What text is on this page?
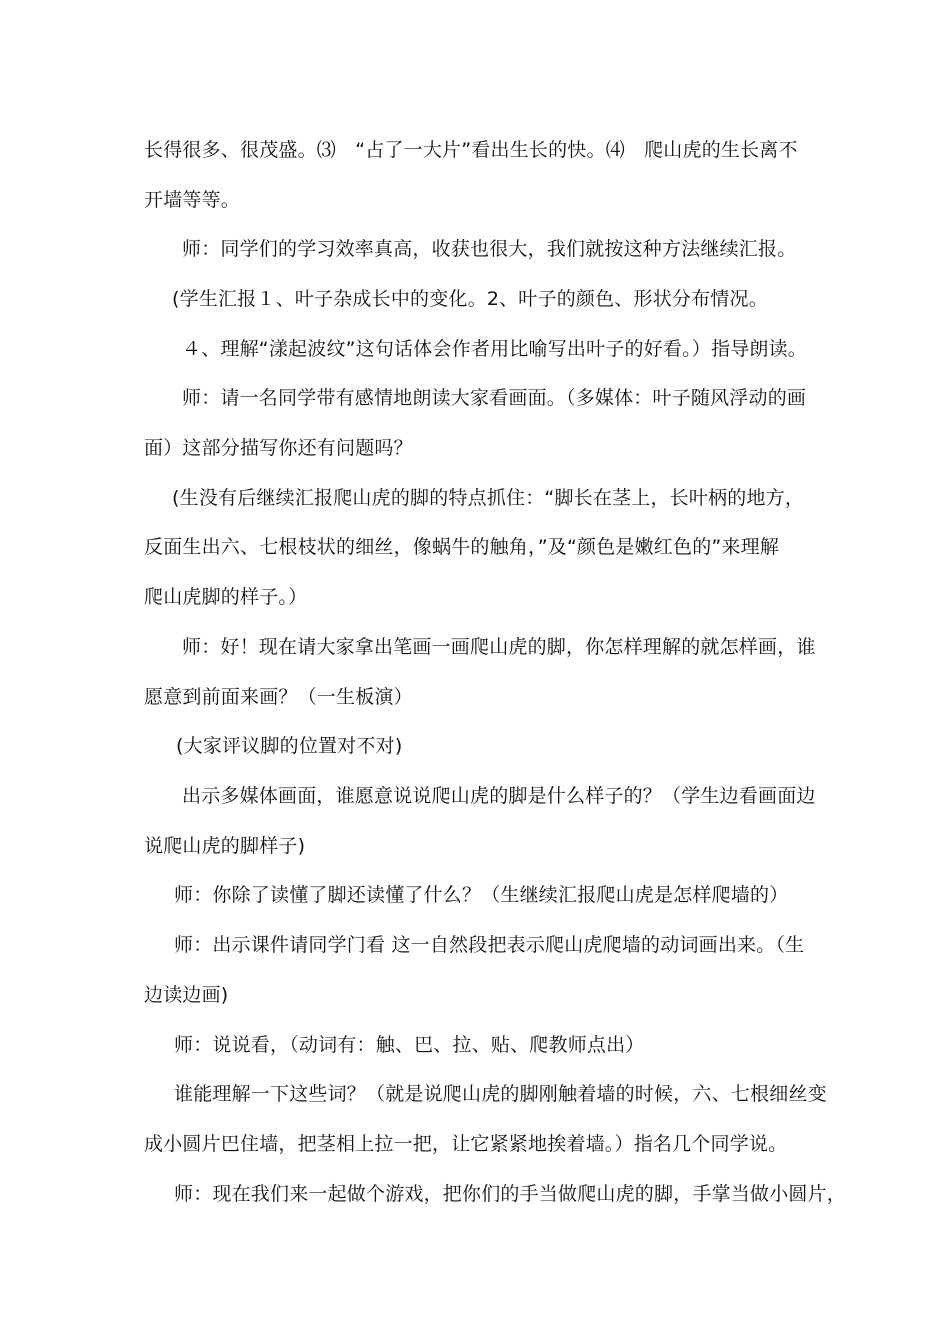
长得很多、很茂盛。⑶　“占了一大片”看出生长的快。⑷　爬山虎的生长离不
开墙等等。
师：同学们的学习效率真高，收获也很大，我们就按这种方法继续汇报。
(学生汇报１、叶子杂成长中的变化。2、叶子的颜色、形状分布情况。
４、理解“漾起波纹”这句话体会作者用比喻写出叶子的好看。）指导朗读。
师：请一名同学带有感情地朗读大家看画面。（多媒体：叶子随风浮动的画
面）这部分描写你还有问题吗？
(生没有后继续汇报爬山虎的脚的特点抓住：“脚长在茎上，长叶柄的地方，
反面生出六、七根枝状的细丝，像蜗牛的触角，”及“颜色是嫩红色的”来理解
爬山虎脚的样子。）
师：好！现在请大家拿出笔画一画爬山虎的脚，你怎样理解的就怎样画，谁
愿意到前面来画？（一生板演）
(大家评议脚的位置对不对)
出示多媒体画面，谁愿意说说爬山虎的脚是什么样子的？（学生边看画面边
说爬山虎的脚样子)
师：你除了读懂了脚还读懂了什么？（生继续汇报爬山虎是怎样爬墙的）
师：出示课件请同学门看 这一自然段把表示爬山虎爬墙的动词画出来。（生
边读边画)
师：说说看，（动词有：触、巴、拉、贴、爬教师点出）
谁能理解一下这些词？（就是说爬山虎的脚刚触着墙的时候，六、七根细丝变
成小圆片巴住墙，把茎相上拉一把，让它紧紧地挨着墙。）指名几个同学说。
师：现在我们来一起做个游戏，把你们的手当做爬山虎的脚，手掌当做小圆片，
